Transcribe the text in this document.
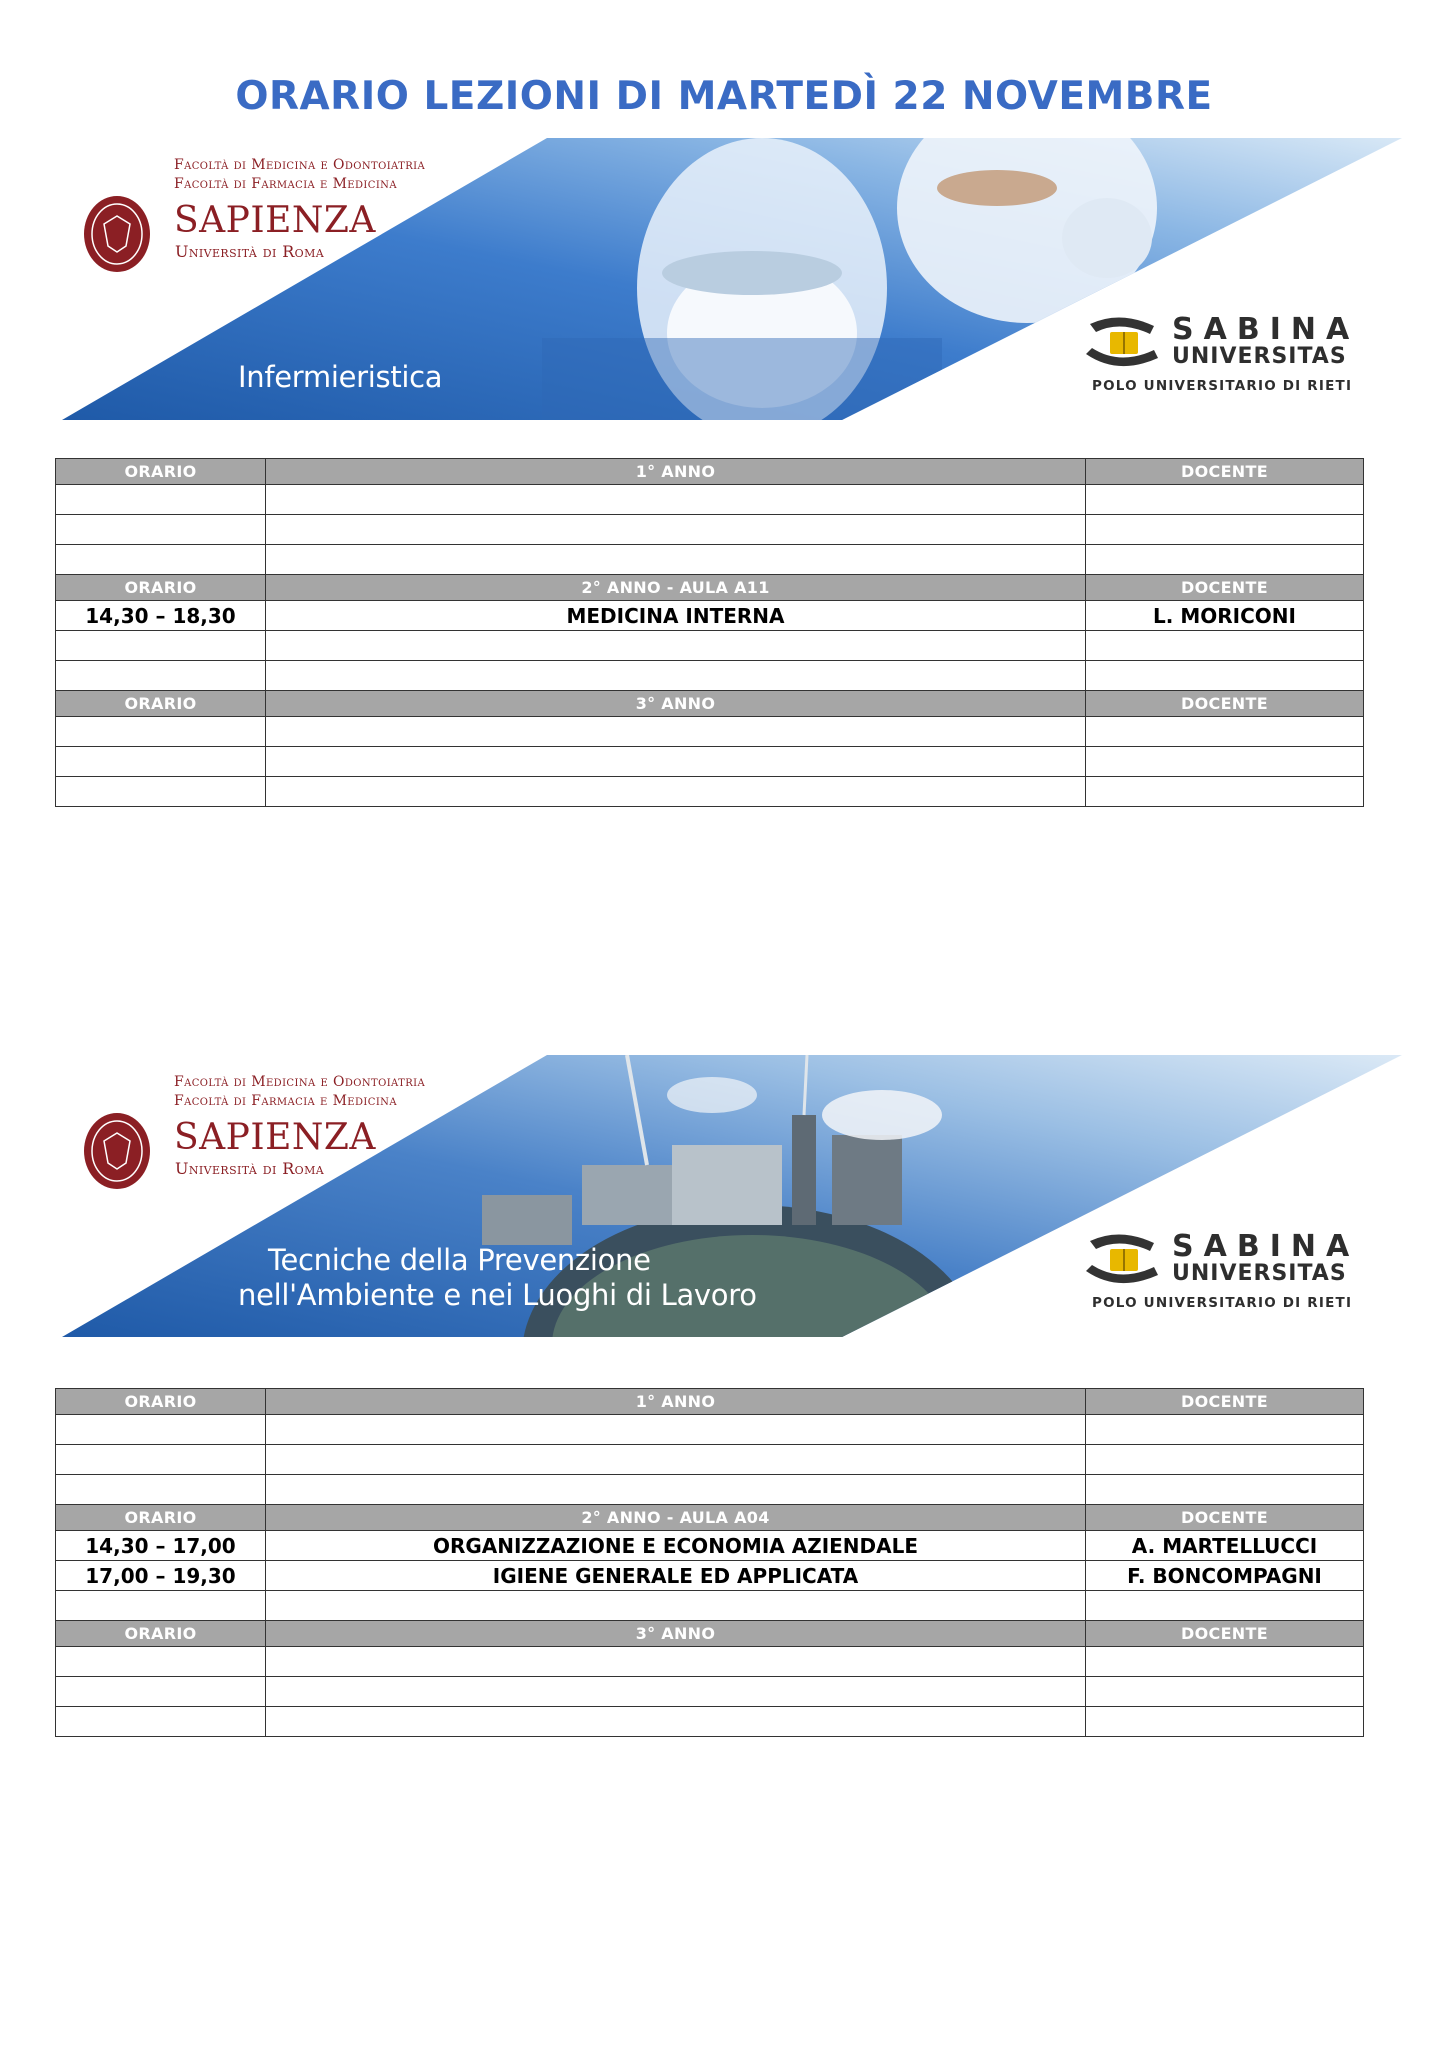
ORARIO LEZIONI DI MARTEDÌ 22 NOVEMBRE
Facoltà di Medicina e Odontoiatria
Facoltà di Farmacia e Medicina
SAPIENZA
Università di Roma
Infermieristica
SABINA
UNIVERSITAS
POLO UNIVERSITARIO DI RIETI
ORARIO	1° ANNO	DOCENTE

ORARIO	2° ANNO - AULA A11	DOCENTE
14,30 – 18,30	MEDICINA INTERNA	L. MORICONI

ORARIO	3° ANNO	DOCENTE

Facoltà di Medicina e Odontoiatria
Facoltà di Farmacia e Medicina
SAPIENZA
Università di Roma
Tecniche della Prevenzione
nell'Ambiente e nei Luoghi di Lavoro
SABINA
UNIVERSITAS
POLO UNIVERSITARIO DI RIETI
ORARIO	1° ANNO	DOCENTE

ORARIO	2° ANNO - AULA A04	DOCENTE
14,30 – 17,00	ORGANIZZAZIONE E ECONOMIA AZIENDALE	A. MARTELLUCCI
17,00 – 19,30	IGIENE GENERALE ED APPLICATA	F. BONCOMPAGNI

ORARIO	3° ANNO	DOCENTE
